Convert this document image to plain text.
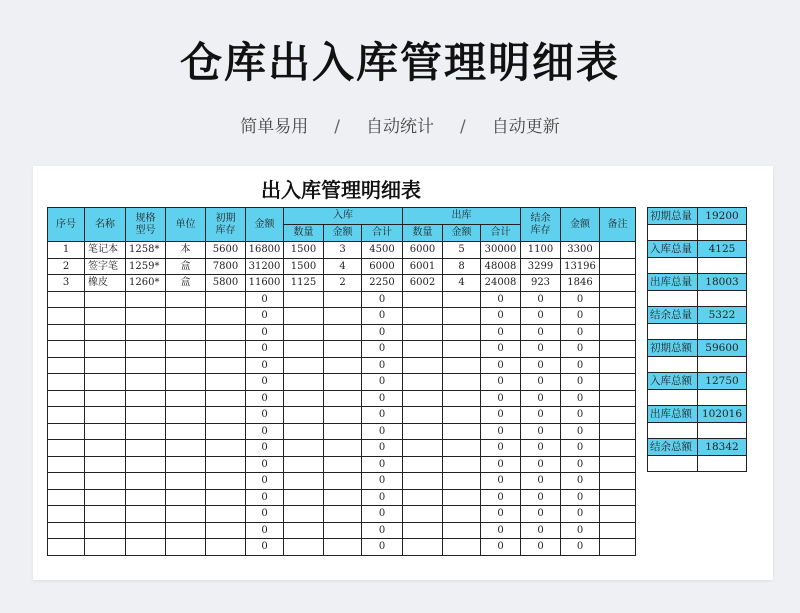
仓库出入库管理明细表
简单易用 / 自动统计 / 自动更新
出入库管理明细表
序号	名称	规格型号	单位	初期库存	金额	入库			出库			结余库存	金额	备注
						数量	金额	合计	数量	金额	合计			
1	笔记本	1258*	本	5600	16800	1500	3	4500	6000	5	30000	1100	3300	
2	签字笔	1259*	盒	7800	31200	1500	4	6000	6001	8	48008	3299	13196	
3	橡皮	1260*	盒	5800	11600	1125	2	2250	6002	4	24008	923	1846	
					0			0			0	0	0	
					0			0			0	0	0	
					0			0			0	0	0	
					0			0			0	0	0	
					0			0			0	0	0	
					0			0			0	0	0	
					0			0			0	0	0	
					0			0			0	0	0	
					0			0			0	0	0	
					0			0			0	0	0	
					0			0			0	0	0	
					0			0			0	0	0	
					0			0			0	0	0	
					0			0			0	0	0	
					0			0			0	0	0	
					0			0			0	0	0	
初期总量	19200

入库总量	4125

出库总量	18003

结余总量	5322

初期总额	59600

入库总额	12750

出库总额	102016

结余总额	18342
